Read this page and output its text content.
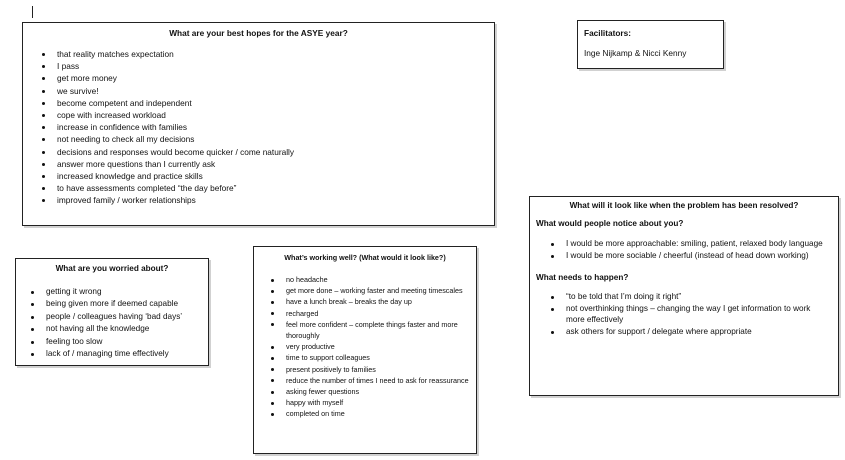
What are your best hopes for the ASYE year?
that reality matches expectation
I pass
get more money
we survive!
become competent and independent
cope with increased workload
increase in confidence with families
not needing to check all my decisions
decisions and responses would become quicker / come naturally
answer more questions than I currently ask
increased knowledge and practice skills
to have assessments completed “the day before”
improved family / worker relationships
Facilitators:
Inge Nijkamp & Nicci Kenny
What are you worried about?
getting it wrong
being given more if deemed capable
people / colleagues having ‘bad days’
not having all the knowledge
feeling too slow
lack of / managing time effectively
What’s working well? (What would it look like?)
no headache
get more done – working faster and meeting timescales
have a lunch break – breaks the day up
recharged
feel more confident – complete things faster and more thoroughly
very productive
time to support colleagues
present positively to families
reduce the number of times I need to ask for reassurance
asking fewer questions
happy with myself
completed on time
What will it look like when the problem has been resolved?
What would people notice about you?
I would be more approachable: smiling, patient, relaxed body language
I would be more sociable / cheerful (instead of head down working)
What needs to happen?
“to be told that I’m doing it right”
not overthinking things – changing the way I get information to work more effectively
ask others for support / delegate where appropriate
